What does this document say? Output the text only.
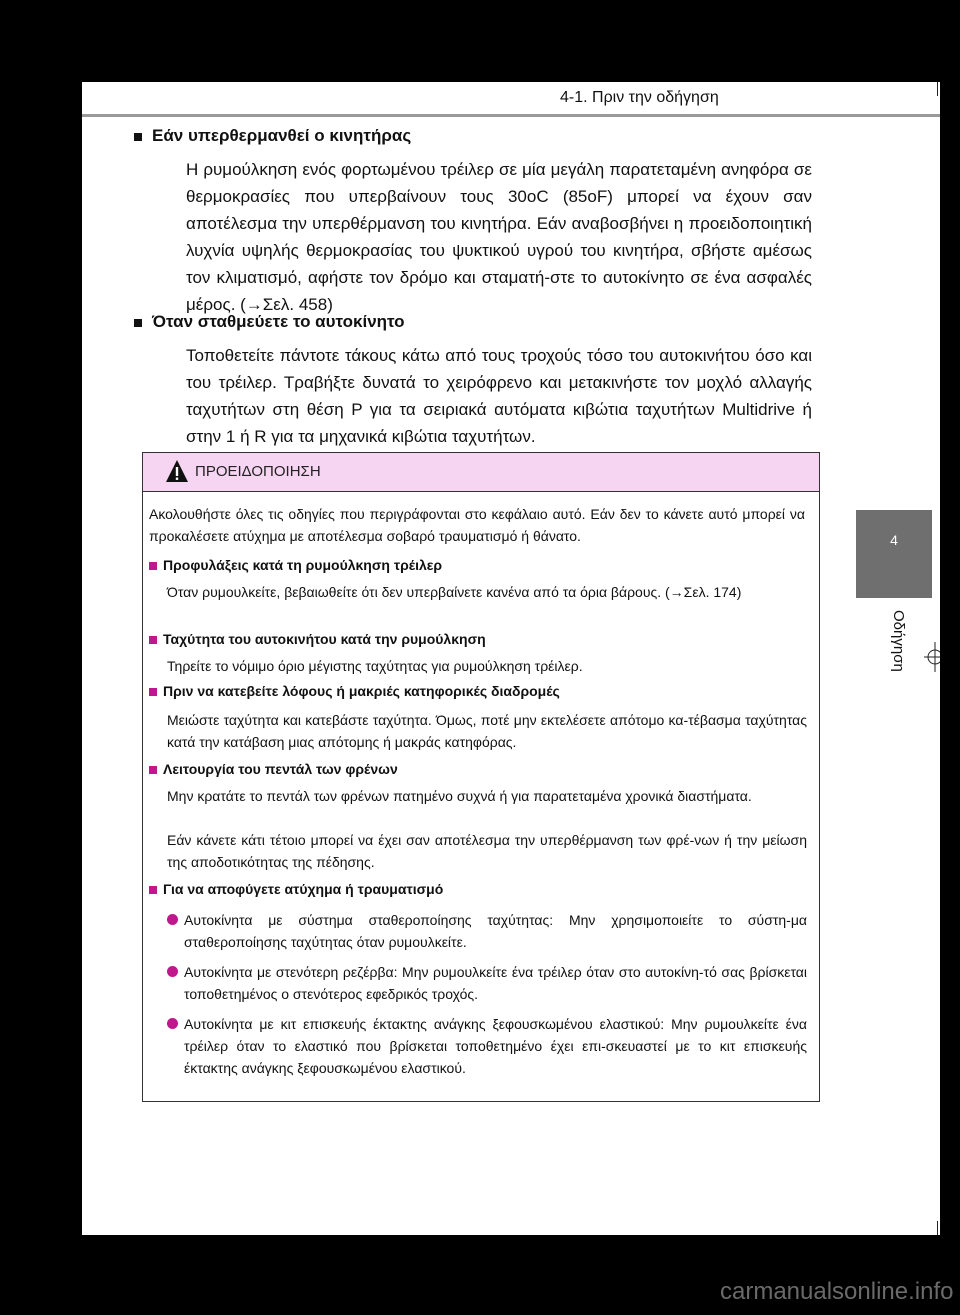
4-1. Πριν την οδήγηση
Εάν υπερθερμανθεί ο κινητήρας
Η ρυμούλκηση ενός φορτωμένου τρέιλερ σε μία μεγάλη παρατεταμένη ανηφόρα σε θερμοκρασίες που υπερβαίνουν τους 30οC (85οF) μπορεί να έχουν σαν αποτέλεσμα την υπερθέρμανση του κινητήρα. Εάν αναβοσβήνει η προειδοποιητική λυχνία υψηλής θερμοκρασίας του ψυκτικού υγρού του κινητήρα, σβήστε αμέσως τον κλιματισμό, αφήστε τον δρόμο και σταματή-στε το αυτοκίνητο σε ένα ασφαλές μέρος. (→Σελ. 458)
Όταν σταθμεύετε το αυτοκίνητο
Τοποθετείτε πάντοτε τάκους κάτω από τους τροχούς τόσο του αυτοκινήτου όσο και του τρέιλερ. Τραβήξτε δυνατά το χειρόφρενο και μετακινήστε τον μοχλό αλλαγής ταχυτήτων στη θέση P για τα σειριακά αυτόματα κιβώτια ταχυτήτων Multidrive ή στην 1 ή R για τα μηχανικά κιβώτια ταχυτήτων.
ΠΡΟΕΙΔΟΠΟΙΗΣΗ
Ακολουθήστε όλες τις οδηγίες που περιγράφονται στο κεφάλαιο αυτό. Εάν δεν το κάνετε αυτό μπορεί να προκαλέσετε ατύχημα με αποτέλεσμα σοβαρό τραυματισμό ή θάνατο.
Προφυλάξεις κατά τη ρυμούλκηση τρέιλερ
Όταν ρυμουλκείτε, βεβαιωθείτε ότι δεν υπερβαίνετε κανένα από τα όρια βάρους. (→Σελ. 174)
Ταχύτητα του αυτοκινήτου κατά την ρυμούλκηση
Τηρείτε το νόμιμο όριο μέγιστης ταχύτητας για ρυμούλκηση τρέιλερ.
Πριν να κατεβείτε λόφους ή μακριές κατηφορικές διαδρομές
Μειώστε ταχύτητα και κατεβάστε ταχύτητα. Όμως, ποτέ μην εκτελέσετε απότομο κα-τέβασμα ταχύτητας κατά την κατάβαση μιας απότομης ή μακράς κατηφόρας.
Λειτουργία του πεντάλ των φρένων
Μην κρατάτε το πεντάλ των φρένων πατημένο συχνά ή για παρατεταμένα χρονικά διαστήματα.
Εάν κάνετε κάτι τέτοιο μπορεί να έχει σαν αποτέλεσμα την υπερθέρμανση των φρέ-νων ή την μείωση της αποδοτικότητας της πέδησης.
Για να αποφύγετε ατύχημα ή τραυματισμό
Αυτοκίνητα με σύστημα σταθεροποίησης ταχύτητας: Μην χρησιμοποιείτε το σύστη-μα σταθεροποίησης ταχύτητας όταν ρυμουλκείτε.
Αυτοκίνητα με στενότερη ρεζέρβα: Μην ρυμουλκείτε ένα τρέιλερ όταν στο αυτοκίνη-τό σας βρίσκεται τοποθετημένος ο στενότερος εφεδρικός τροχός.
Αυτοκίνητα με κιτ επισκευής έκτακτης ανάγκης ξεφουσκωμένου ελαστικού: Μην ρυμουλκείτε ένα τρέιλερ όταν το ελαστικό που βρίσκεται τοποθετημένο έχει επι-σκευαστεί με το κιτ επισκευής έκτακτης ανάγκης ξεφουσκωμένου ελαστικού.
4
Οδήγηση
carmanualsonline.info
